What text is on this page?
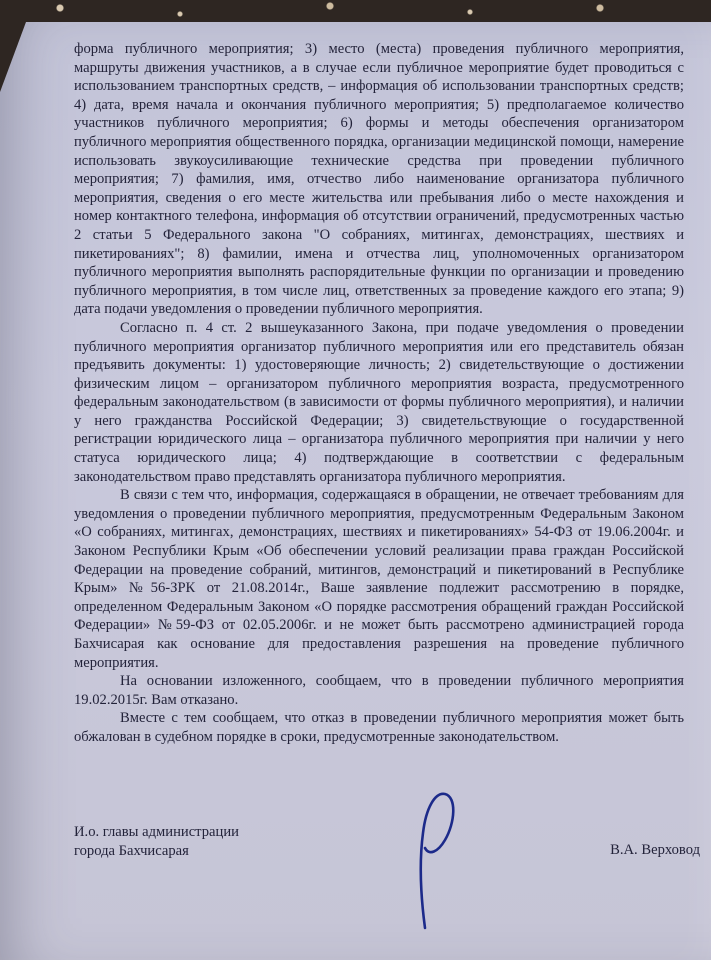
форма публичного мероприятия; 3) место (места) проведения публичного мероприятия, маршруты движения участников, а в случае если публичное мероприятие будет проводиться с использованием транспортных средств, – информация об использовании транспортных средств; 4) дата, время начала и окончания публичного мероприятия; 5) предполагаемое количество участников публичного мероприятия; 6) формы и методы обеспечения организатором публичного мероприятия общественного порядка, организации медицинской помощи, намерение использовать звукоусиливающие технические средства при проведении публичного мероприятия; 7) фамилия, имя, отчество либо наименование организатора публичного мероприятия, сведения о его месте жительства или пребывания либо о месте нахождения и номер контактного телефона, информация об отсутствии ограничений, предусмотренных частью 2 статьи 5 Федерального закона "О собраниях, митингах, демонстрациях, шествиях и пикетированиях"; 8) фамилии, имена и отчества лиц, уполномоченных организатором публичного мероприятия выполнять распорядительные функции по организации и проведению публичного мероприятия, в том числе лиц, ответственных за проведение каждого его этапа; 9) дата подачи уведомления о проведении публичного мероприятия.

Согласно п. 4 ст. 2 вышеуказанного Закона, при подаче уведомления о проведении публичного мероприятия организатор публичного мероприятия или его представитель обязан предъявить документы: 1) удостоверяющие личность; 2) свидетельствующие о достижении физическим лицом – организатором публичного мероприятия возраста, предусмотренного федеральным законодательством (в зависимости от формы публичного мероприятия), и наличии у него гражданства Российской Федерации; 3) свидетельствующие о государственной регистрации юридического лица – организатора публичного мероприятия при наличии у него статуса юридического лица; 4) подтверждающие в соответствии с федеральным законодательством право представлять организатора публичного мероприятия.

В связи с тем что, информация, содержащаяся в обращении, не отвечает требованиям для уведомления о проведении публичного мероприятия, предусмотренным Федеральным Законом «О собраниях, митингах, демонстрациях, шествиях и пикетированиях» 54-ФЗ от 19.06.2004г. и Законом Республики Крым «Об обеспечении условий реализации права граждан Российской Федерации на проведение собраний, митингов, демонстраций и пикетирований в Республике Крым» №56-ЗРК от 21.08.2014г., Ваше заявление подлежит рассмотрению в порядке, определенном Федеральным Законом «О порядке рассмотрения обращений граждан Российской Федерации» №59-ФЗ от 02.05.2006г. и не может быть рассмотрено администрацией города Бахчисарая как основание для предоставления разрешения на проведение публичного мероприятия.

На основании изложенного, сообщаем, что в проведении публичного мероприятия 19.02.2015г. Вам отказано.

Вместе с тем сообщаем, что отказ в проведении публичного мероприятия может быть обжалован в судебном порядке в сроки, предусмотренные законодательством.

И.о. главы администрации
города Бахчисарая	В.А. Верховод
